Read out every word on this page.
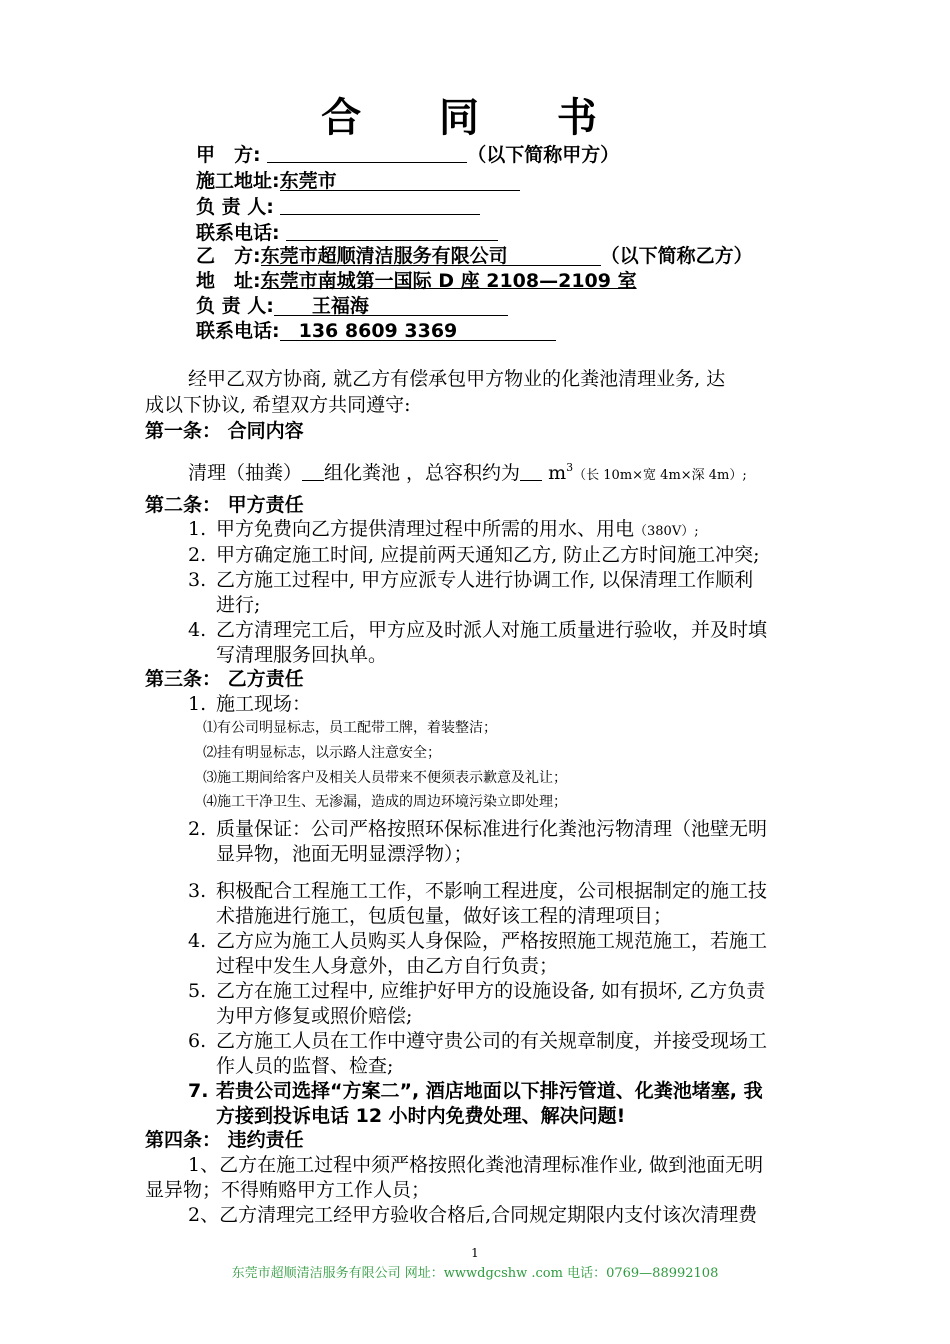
合 同 书
甲　方:	（以下简称甲方）
施工地址:东莞市
负 责 人:
联系电话:
乙　方:东莞市超顺清洁服务有限公司	（以下简称乙方）
地　址:东莞市南城第一国际 D 座 2108—2109 室
负 责 人:　　王福海
联系电话:　136 8609 3369
经甲乙双方协商, 就乙方有偿承包甲方物业的化粪池清理业务, 达
成以下协议, 希望双方共同遵守:
第一条： 合同内容
清理（抽粪） 组化粪池 ，总容积约为 $m^3$（长 10m×宽 4m×深 4m）;
第二条： 甲方责任
1. 甲方免费向乙方提供清理过程中所需的用水、用电（380V）;
2. 甲方确定施工时间, 应提前两天通知乙方, 防止乙方时间施工冲突;
3. 乙方施工过程中, 甲方应派专人进行协调工作, 以保清理工作顺利
进行;
4. 乙方清理完工后，甲方应及时派人对施工质量进行验收，并及时填
写清理服务回执单。
第三条： 乙方责任
1. 施工现场：
⑴有公司明显标志，员工配带工牌，着装整洁；
⑵挂有明显标志，以示路人注意安全；
⑶施工期间给客户及相关人员带来不便须表示歉意及礼让；
⑷施工干净卫生、无渗漏，造成的周边环境污染立即处理；
2. 质量保证：公司严格按照环保标准进行化粪池污物清理（池壁无明
显异物，池面无明显漂浮物）；
3. 积极配合工程施工工作，不影响工程进度，公司根据制定的施工技
术措施进行施工，包质包量，做好该工程的清理项目；
4. 乙方应为施工人员购买人身保险，严格按照施工规范施工，若施工
过程中发生人身意外，由乙方自行负责；
5. 乙方在施工过程中, 应维护好甲方的设施设备, 如有损坏, 乙方负责
为甲方修复或照价赔偿;
6. 乙方施工人员在工作中遵守贵公司的有关规章制度，并接受现场工
作人员的监督、检查;
7. 若贵公司选择“方案二”, 酒店地面以下排污管道、化粪池堵塞, 我
方接到投诉电话 12 小时内免费处理、解决问题!
第四条： 违约责任
1、乙方在施工过程中须严格按照化粪池清理标准作业, 做到池面无明
显异物；不得贿赂甲方工作人员；
2、乙方清理完工经甲方验收合格后,合同规定期限内支付该次清理费
1
东莞市超顺清洁服务有限公司 网址：wwwdgcshw .com 电话：0769—88992108
